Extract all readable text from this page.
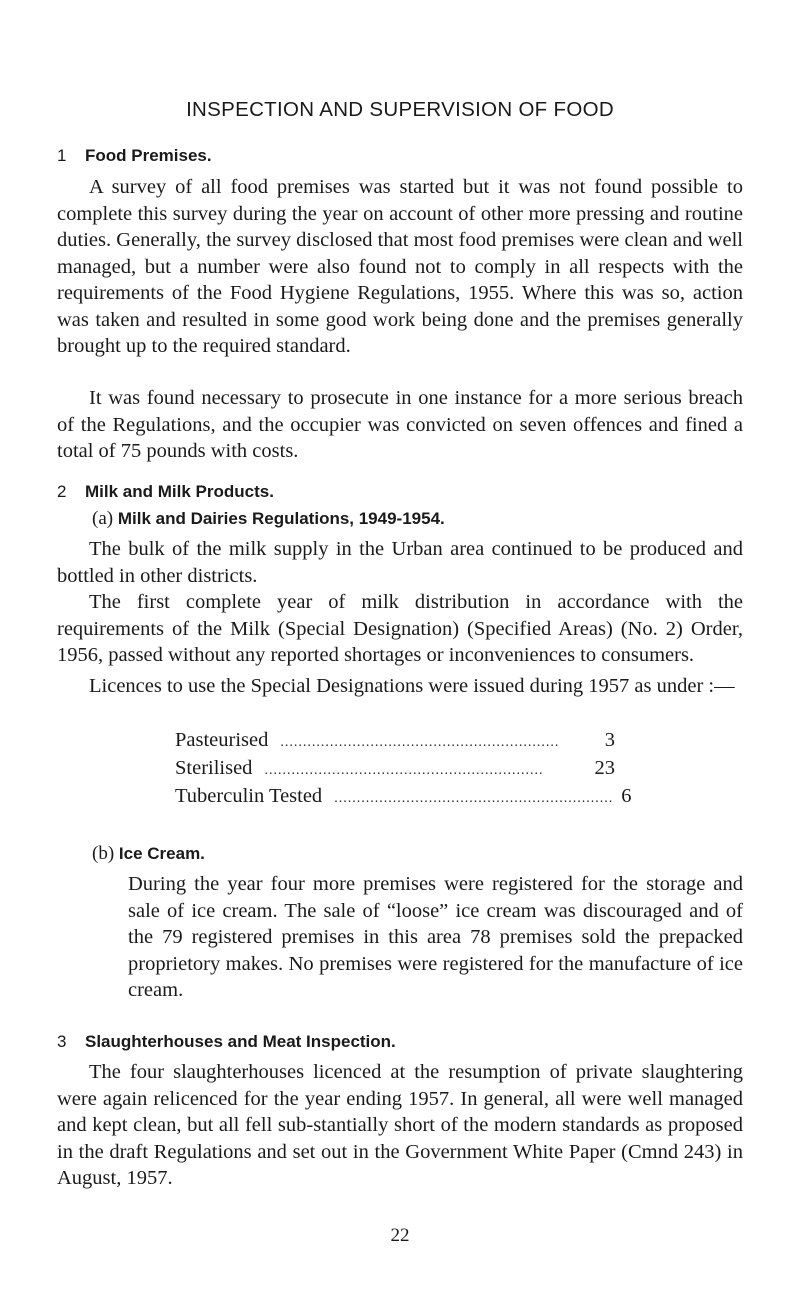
INSPECTION AND SUPERVISION OF FOOD
1 Food Premises.

A survey of all food premises was started but it was not found possible to complete this survey during the year on account of other more pressing and routine duties. Generally, the survey disclosed that most food premises were clean and well managed, but a number were also found not to comply in all respects with the requirements of the Food Hygiene Regulations, 1955. Where this was so, action was taken and resulted in some good work being done and the premises generally brought up to the required standard.

It was found necessary to prosecute in one instance for a more serious breach of the Regulations, and the occupier was convicted on seven offences and fined a total of 75 pounds with costs.

2 Milk and Milk Products.
(a) Milk and Dairies Regulations, 1949-1954.

The bulk of the milk supply in the Urban area continued to be produced and bottled in other districts.

The first complete year of milk distribution in accordance with the requirements of the Milk (Special Designation) (Specified Areas) (No. 2) Order, 1956, passed without any reported shortages or inconveniences to consumers.

Licences to use the Special Designations were issued during 1957 as under :—

Pasteurised ..............................................................	3
Sterilised ..............................................................	23
Tuberculin Tested .............................................................. 6
(b) Ice Cream.

During the year four more premises were registered for the storage and sale of ice cream. The sale of “loose” ice cream was discouraged and of the 79 registered premises in this area 78 premises sold the prepacked proprietory makes. No premises were registered for the manufacture of ice cream.

3 Slaughterhouses and Meat Inspection.

The four slaughterhouses licenced at the resumption of private slaughtering were again relicenced for the year ending 1957. In general, all were well managed and kept clean, but all fell sub-stantially short of the modern standards as proposed in the draft Regulations and set out in the Government White Paper (Cmnd 243) in August, 1957.

22
